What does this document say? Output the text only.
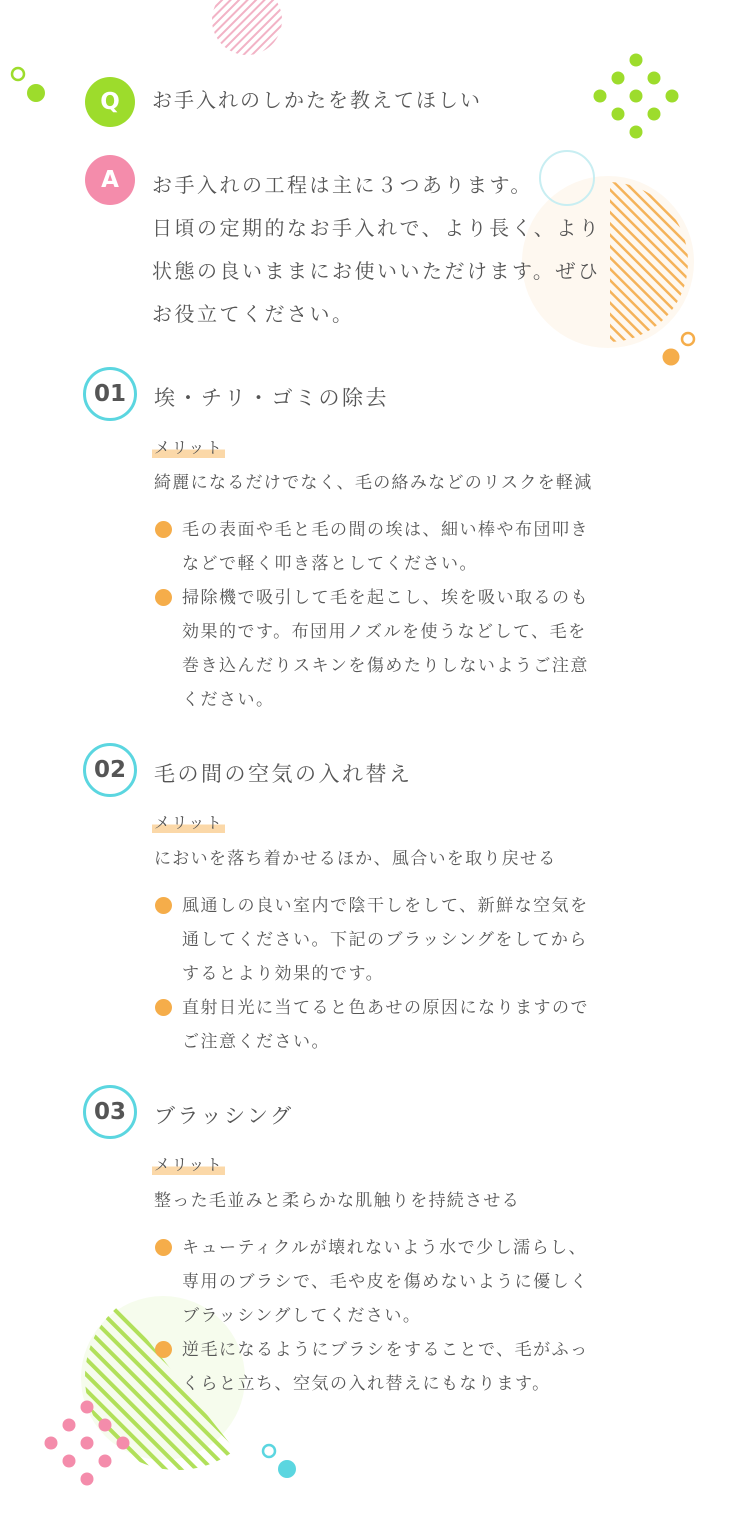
Q	お手入れのしかたを教えてほしい
A	お手入れの工程は主に３つあります。
日頃の定期的なお手入れで、より長く、より
状態の良いままにお使いいただけます。ぜひ
お役立てください。
01	埃・チリ・ゴミの除去
メリット
綺麗になるだけでなく、毛の絡みなどのリスクを軽減
毛の表面や毛と毛の間の埃は、細い棒や布団叩き
などで軽く叩き落としてください。
掃除機で吸引して毛を起こし、埃を吸い取るのも
効果的です。布団用ノズルを使うなどして、毛を
巻き込んだりスキンを傷めたりしないようご注意
ください。
02	毛の間の空気の入れ替え
メリット
においを落ち着かせるほか、風合いを取り戻せる
風通しの良い室内で陰干しをして、新鮮な空気を
通してください。下記のブラッシングをしてから
するとより効果的です。
直射日光に当てると色あせの原因になりますので
ご注意ください。
03	ブラッシング
メリット
整った毛並みと柔らかな肌触りを持続させる
キューティクルが壊れないよう水で少し濡らし、
専用のブラシで、毛や皮を傷めないように優しく
ブラッシングしてください。
逆毛になるようにブラシをすることで、毛がふっ
くらと立ち、空気の入れ替えにもなります。
